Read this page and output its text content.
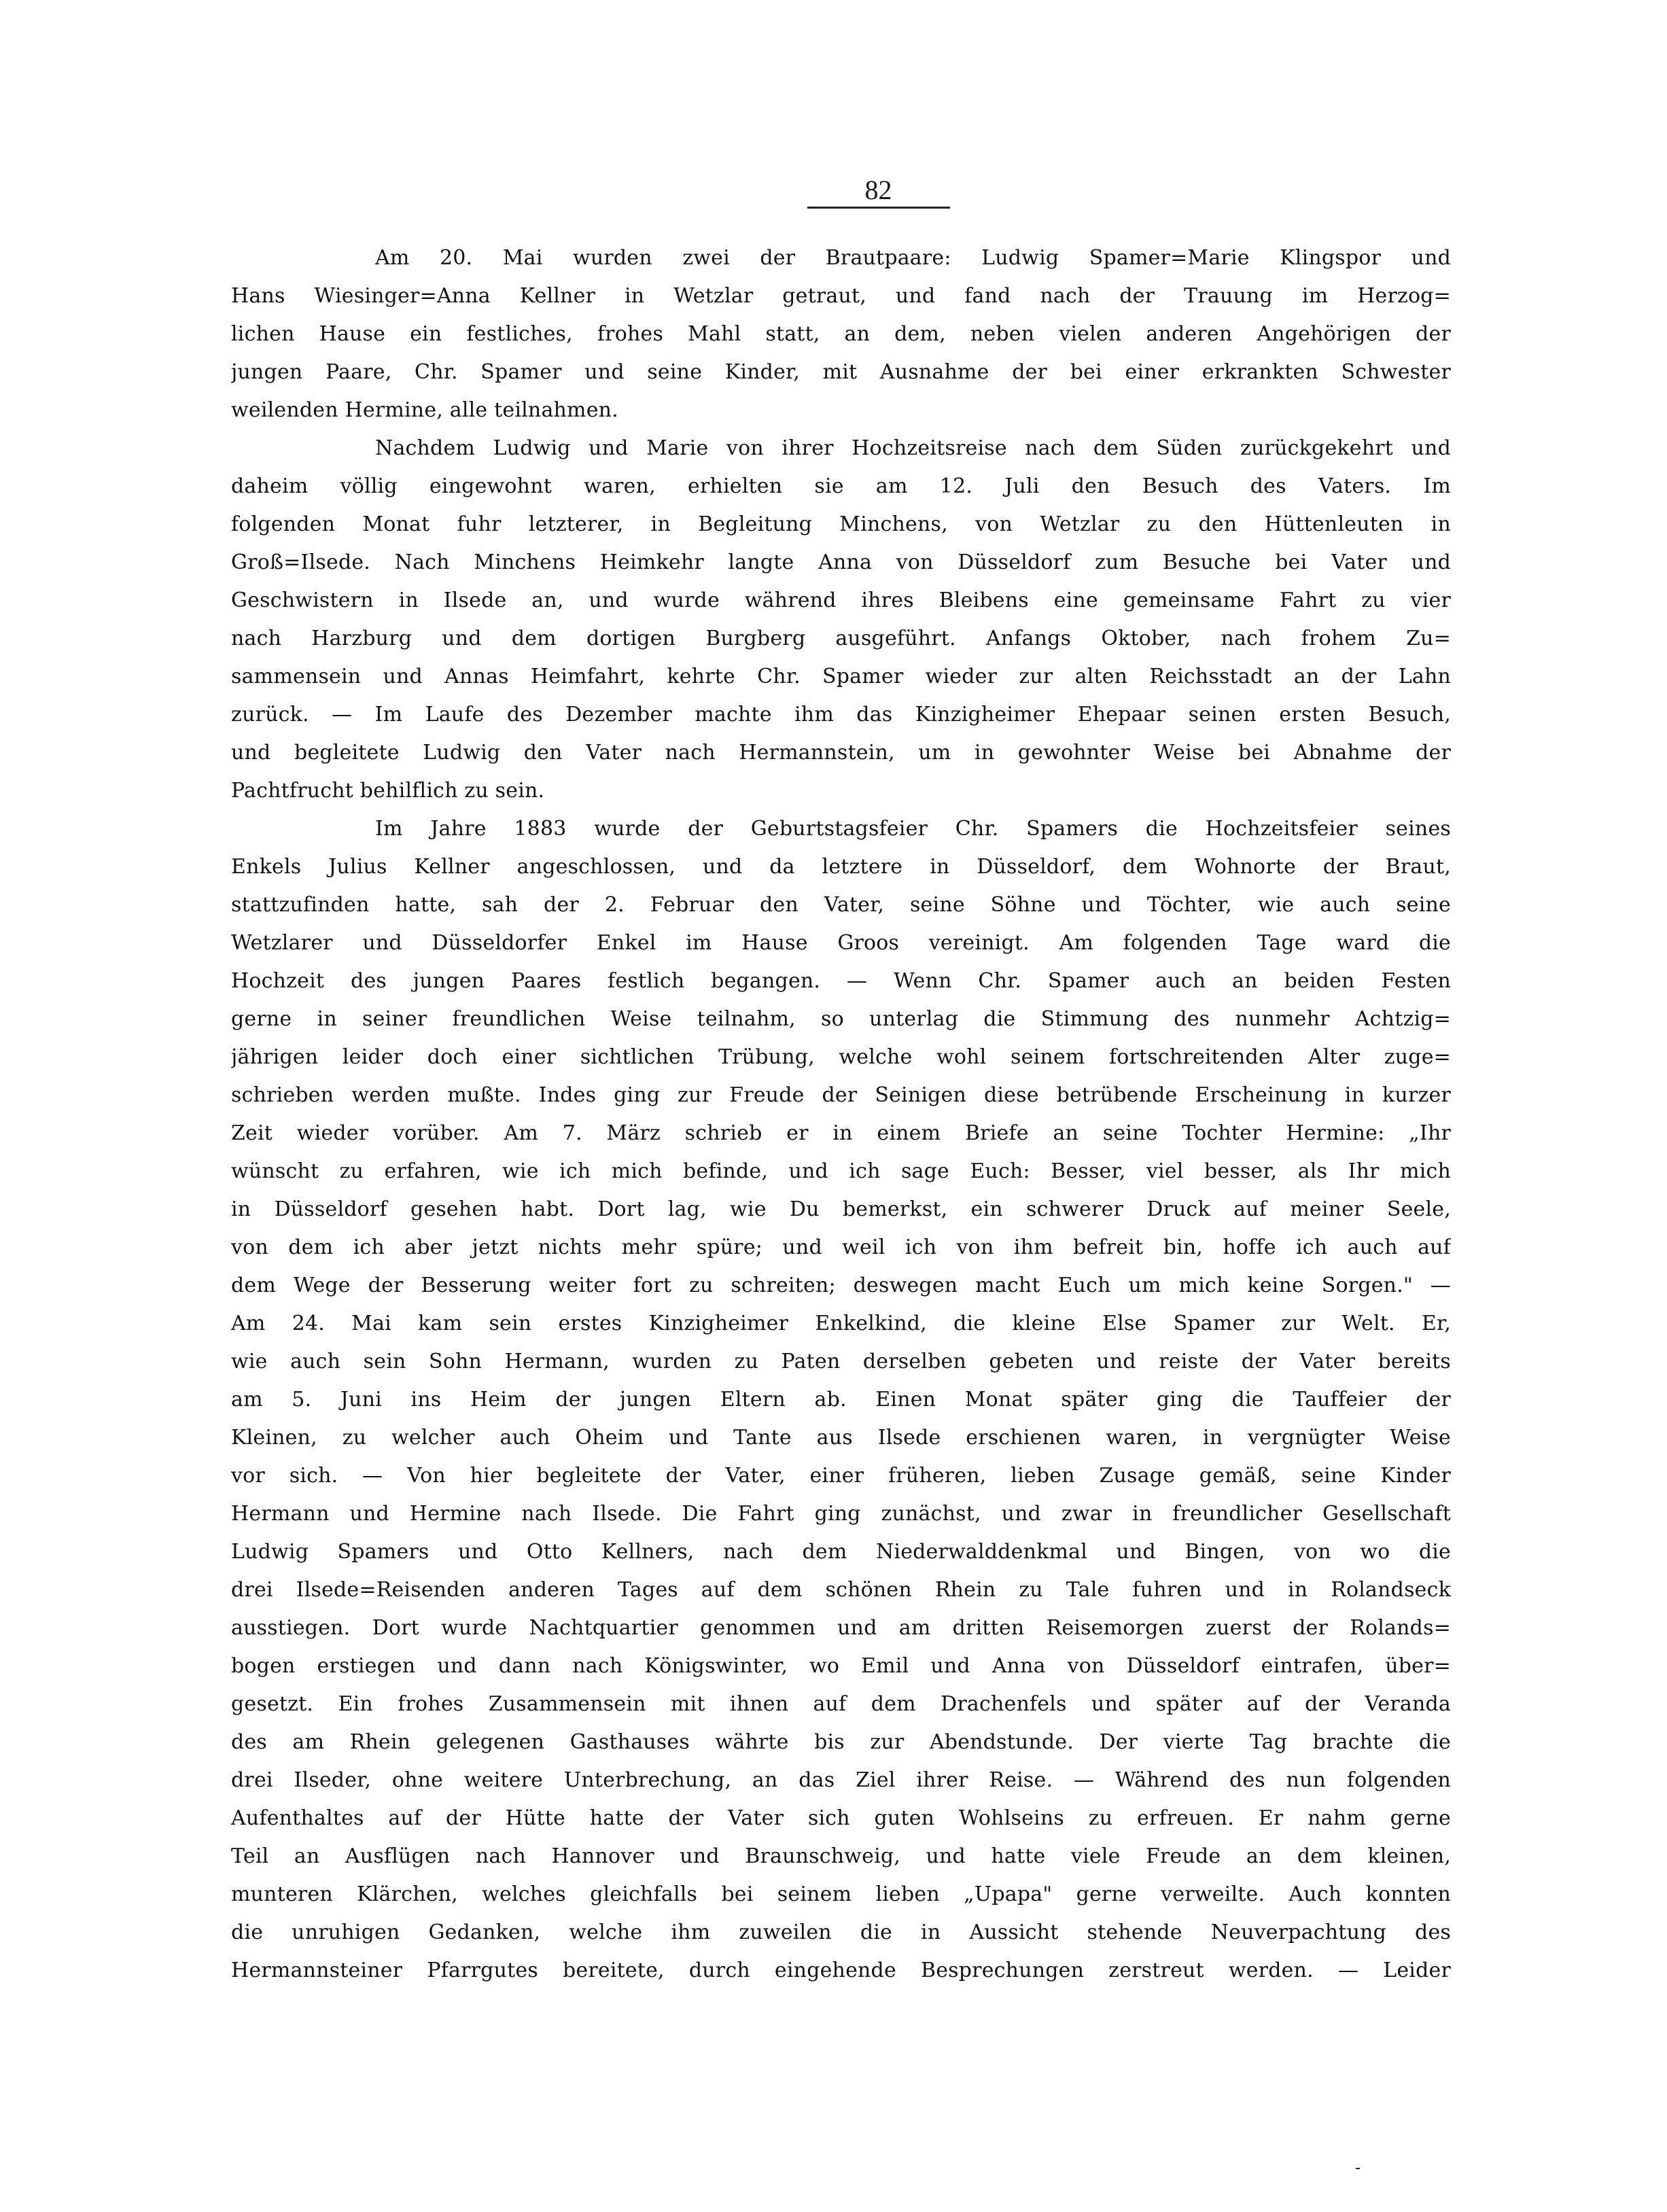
82
Am 20. Mai wurden zwei der Brautpaare: Ludwig Spamer=Marie Klingspor und
Hans Wiesinger=Anna Kellner in Wetzlar getraut, und fand nach der Trauung im Herzog=
lichen Hause ein festliches, frohes Mahl statt, an dem, neben vielen anderen Angehörigen der
jungen Paare, Chr. Spamer und seine Kinder, mit Ausnahme der bei einer erkrankten Schwester
weilenden Hermine, alle teilnahmen.
Nachdem Ludwig und Marie von ihrer Hochzeitsreise nach dem Süden zurückgekehrt und
daheim völlig eingewohnt waren, erhielten sie am 12. Juli den Besuch des Vaters. Im
folgenden Monat fuhr letzterer, in Begleitung Minchens, von Wetzlar zu den Hüttenleuten in
Groß=Ilsede. Nach Minchens Heimkehr langte Anna von Düsseldorf zum Besuche bei Vater und
Geschwistern in Ilsede an, und wurde während ihres Bleibens eine gemeinsame Fahrt zu vier
nach Harzburg und dem dortigen Burgberg ausgeführt. Anfangs Oktober, nach frohem Zu=
sammensein und Annas Heimfahrt, kehrte Chr. Spamer wieder zur alten Reichsstadt an der Lahn
zurück. — Im Laufe des Dezember machte ihm das Kinzigheimer Ehepaar seinen ersten Besuch,
und begleitete Ludwig den Vater nach Hermannstein, um in gewohnter Weise bei Abnahme der
Pachtfrucht behilflich zu sein.
Im Jahre 1883 wurde der Geburtstagsfeier Chr. Spamers die Hochzeitsfeier seines
Enkels Julius Kellner angeschlossen, und da letztere in Düsseldorf, dem Wohnorte der Braut,
stattzufinden hatte, sah der 2. Februar den Vater, seine Söhne und Töchter, wie auch seine
Wetzlarer und Düsseldorfer Enkel im Hause Groos vereinigt. Am folgenden Tage ward die
Hochzeit des jungen Paares festlich begangen. — Wenn Chr. Spamer auch an beiden Festen
gerne in seiner freundlichen Weise teilnahm, so unterlag die Stimmung des nunmehr Achtzig=
jährigen leider doch einer sichtlichen Trübung, welche wohl seinem fortschreitenden Alter zuge=
schrieben werden mußte. Indes ging zur Freude der Seinigen diese betrübende Erscheinung in kurzer
Zeit wieder vorüber. Am 7. März schrieb er in einem Briefe an seine Tochter Hermine: „Ihr
wünscht zu erfahren, wie ich mich befinde, und ich sage Euch: Besser, viel besser, als Ihr mich
in Düsseldorf gesehen habt. Dort lag, wie Du bemerkst, ein schwerer Druck auf meiner Seele,
von dem ich aber jetzt nichts mehr spüre; und weil ich von ihm befreit bin, hoffe ich auch auf
dem Wege der Besserung weiter fort zu schreiten; deswegen macht Euch um mich keine Sorgen." —
Am 24. Mai kam sein erstes Kinzigheimer Enkelkind, die kleine Else Spamer zur Welt. Er,
wie auch sein Sohn Hermann, wurden zu Paten derselben gebeten und reiste der Vater bereits
am 5. Juni ins Heim der jungen Eltern ab. Einen Monat später ging die Tauffeier der
Kleinen, zu welcher auch Oheim und Tante aus Ilsede erschienen waren, in vergnügter Weise
vor sich. — Von hier begleitete der Vater, einer früheren, lieben Zusage gemäß, seine Kinder
Hermann und Hermine nach Ilsede. Die Fahrt ging zunächst, und zwar in freundlicher Gesellschaft
Ludwig Spamers und Otto Kellners, nach dem Niederwalddenkmal und Bingen, von wo die
drei Ilsede=Reisenden anderen Tages auf dem schönen Rhein zu Tale fuhren und in Rolandseck
ausstiegen. Dort wurde Nachtquartier genommen und am dritten Reisemorgen zuerst der Rolands=
bogen erstiegen und dann nach Königswinter, wo Emil und Anna von Düsseldorf eintrafen, über=
gesetzt. Ein frohes Zusammensein mit ihnen auf dem Drachenfels und später auf der Veranda
des am Rhein gelegenen Gasthauses währte bis zur Abendstunde. Der vierte Tag brachte die
drei Ilseder, ohne weitere Unterbrechung, an das Ziel ihrer Reise. — Während des nun folgenden
Aufenthaltes auf der Hütte hatte der Vater sich guten Wohlseins zu erfreuen. Er nahm gerne
Teil an Ausflügen nach Hannover und Braunschweig, und hatte viele Freude an dem kleinen,
munteren Klärchen, welches gleichfalls bei seinem lieben „Upapa" gerne verweilte. Auch konnten
die unruhigen Gedanken, welche ihm zuweilen die in Aussicht stehende Neuverpachtung des
Hermannsteiner Pfarrgutes bereitete, durch eingehende Besprechungen zerstreut werden. — Leider
